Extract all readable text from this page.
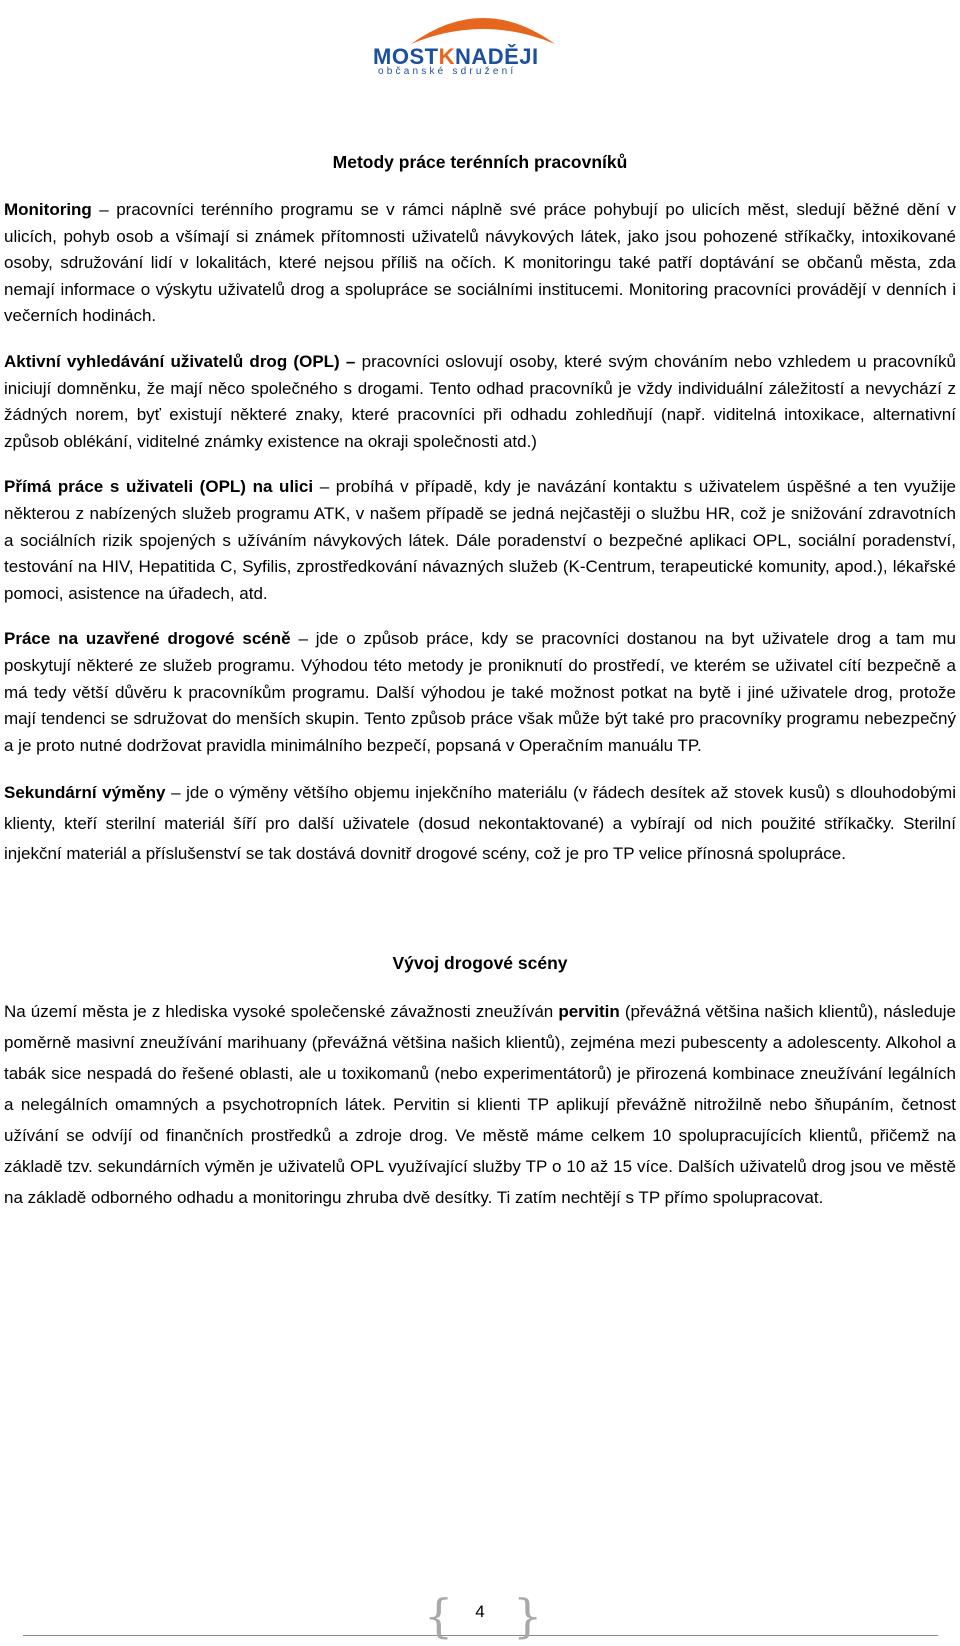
MOSTKNADĚJI
občanské sdružení
Metody práce terénních pracovníků

Monitoring – pracovníci terénního programu se v rámci náplně své práce pohybují po ulicích měst, sledují běžné dění v ulicích, pohyb osob a všímají si známek přítomnosti uživatelů návykových látek, jako jsou pohozené stříkačky, intoxikované osoby, sdružování lidí v lokalitách, které nejsou příliš na očích. K monitoringu také patří doptávání se občanů města, zda nemají informace o výskytu uživatelů drog a spolupráce se sociálními institucemi. Monitoring pracovníci provádějí v denních i večerních hodinách.

Aktivní vyhledávání uživatelů drog (OPL) – pracovníci oslovují osoby, které svým chováním nebo vzhledem u pracovníků iniciují domněnku, že mají něco společného s drogami. Tento odhad pracovníků je vždy individuální záležitostí a nevychází z žádných norem, byť existují některé znaky, které pracovníci při odhadu zohledňují (např. viditelná intoxikace, alternativní způsob oblékání, viditelné známky existence na okraji společnosti atd.)

Přímá práce s uživateli (OPL) na ulici – probíhá v případě, kdy je navázání kontaktu s uživatelem úspěšné a ten využije některou z nabízených služeb programu ATK, v našem případě se jedná nejčastěji o službu HR, což je snižování zdravotních a sociálních rizik spojených s užíváním návykových látek. Dále poradenství o bezpečné aplikaci OPL, sociální poradenství, testování na HIV, Hepatitida C, Syfilis, zprostředkování návazných služeb (K-Centrum, terapeutické komunity, apod.), lékařské pomoci, asistence na úřadech, atd.

Práce na uzavřené drogové scéně – jde o způsob práce, kdy se pracovníci dostanou na byt uživatele drog a tam mu poskytují některé ze služeb programu. Výhodou této metody je proniknutí do prostředí, ve kterém se uživatel cítí bezpečně a má tedy větší důvěru k pracovníkům programu. Další výhodou je také možnost potkat na bytě i jiné uživatele drog, protože mají tendenci se sdružovat do menších skupin. Tento způsob práce však může být také pro pracovníky programu nebezpečný a je proto nutné dodržovat pravidla minimálního bezpečí, popsaná v Operačním manuálu TP.

Sekundární výměny – jde o výměny většího objemu injekčního materiálu (v řádech desítek až stovek kusů) s dlouhodobými klienty, kteří sterilní materiál šíří pro další uživatele (dosud nekontaktované) a vybírají od nich použité stříkačky. Sterilní injekční materiál a příslušenství se tak dostává dovnitř drogové scény, což je pro TP velice přínosná spolupráce.

Vývoj drogové scény

Na území města je z hlediska vysoké společenské závažnosti zneužíván pervitin (převážná většina našich klientů), následuje poměrně masivní zneužívání marihuany (převážná většina našich klientů), zejména mezi pubescenty a adolescenty. Alkohol a tabák sice nespadá do řešené oblasti, ale u toxikomanů (nebo experimentátorů) je přirozená kombinace zneužívání legálních a nelegálních omamných a psychotropních látek. Pervitin si klienti TP aplikují převážně nitrožilně nebo šňupáním, četnost užívání se odvíjí od finančních prostředků a zdroje drog. Ve městě máme celkem 10 spolupracujících klientů, přičemž na základě tzv. sekundárních výměn je uživatelů OPL využívající služby TP o 10 až 15 více. Dalších uživatelů drog jsou ve městě na základě odborného odhadu a monitoringu zhruba dvě desítky. Ti zatím nechtějí s TP přímo spolupracovat.

{	4 }
